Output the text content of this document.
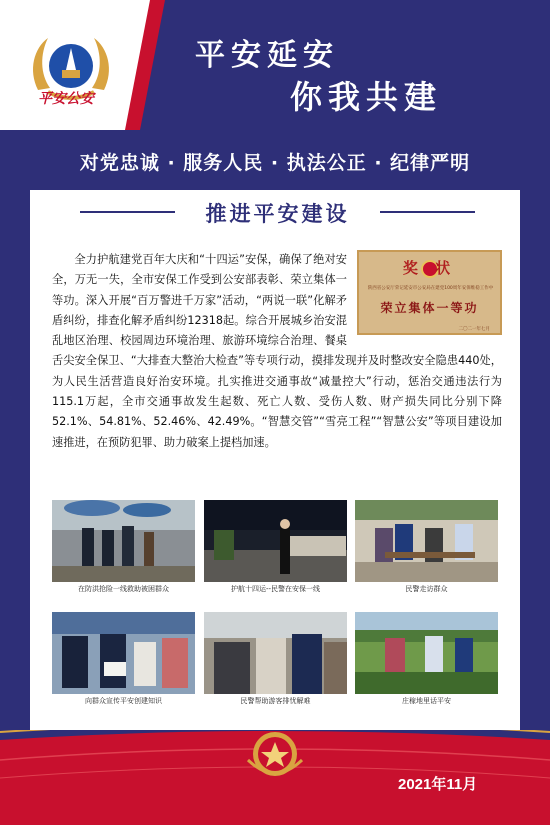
平安公安
平安延安
你我共建
对党忠诚 · 服务人民 · 执法公正 · 纪律严明
推进平安建设
奖 状
陕西省公安厅荣记延安市公安局在建党100周年安保维稳工作中
荣立集体一等功
二〇二一年七月
全力护航建党百年大庆和“十四运”安保，确保了绝对安全，万无一失，全市安保工作受到公安部表彰、荣立集体一等功。深入开展“百万警进千万家”活动，“两说一联”化解矛盾纠纷，排查化解矛盾纠纷12318起。综合开展城乡治安混乱地区治理、校园周边环境治理、旅游环境综合治理、餐桌舌尖安全保卫、“大排查大整治大检查”等专项行动，摸排发现并及时整改安全隐患440处，为人民生活营造良好治安环境。扎实推进交通事故“减量控大”行动，惩治交通违法行为115.1万起，全市交通事故发生起数、死亡人数、受伤人数、财产损失同比分别下降52.1%、54.81%、52.46%、42.49%。“智慧交管”“雪亮工程”“智慧公安”等项目建设加速推进，在预防犯罪、助力破案上提档加速。
在防洪抢险一线救助被困群众	护航十四运--民警在安保一线	民警走访群众
向群众宣传平安创建知识	民警帮助游客排忧解难	庄稼地里话平安
2021年11月
